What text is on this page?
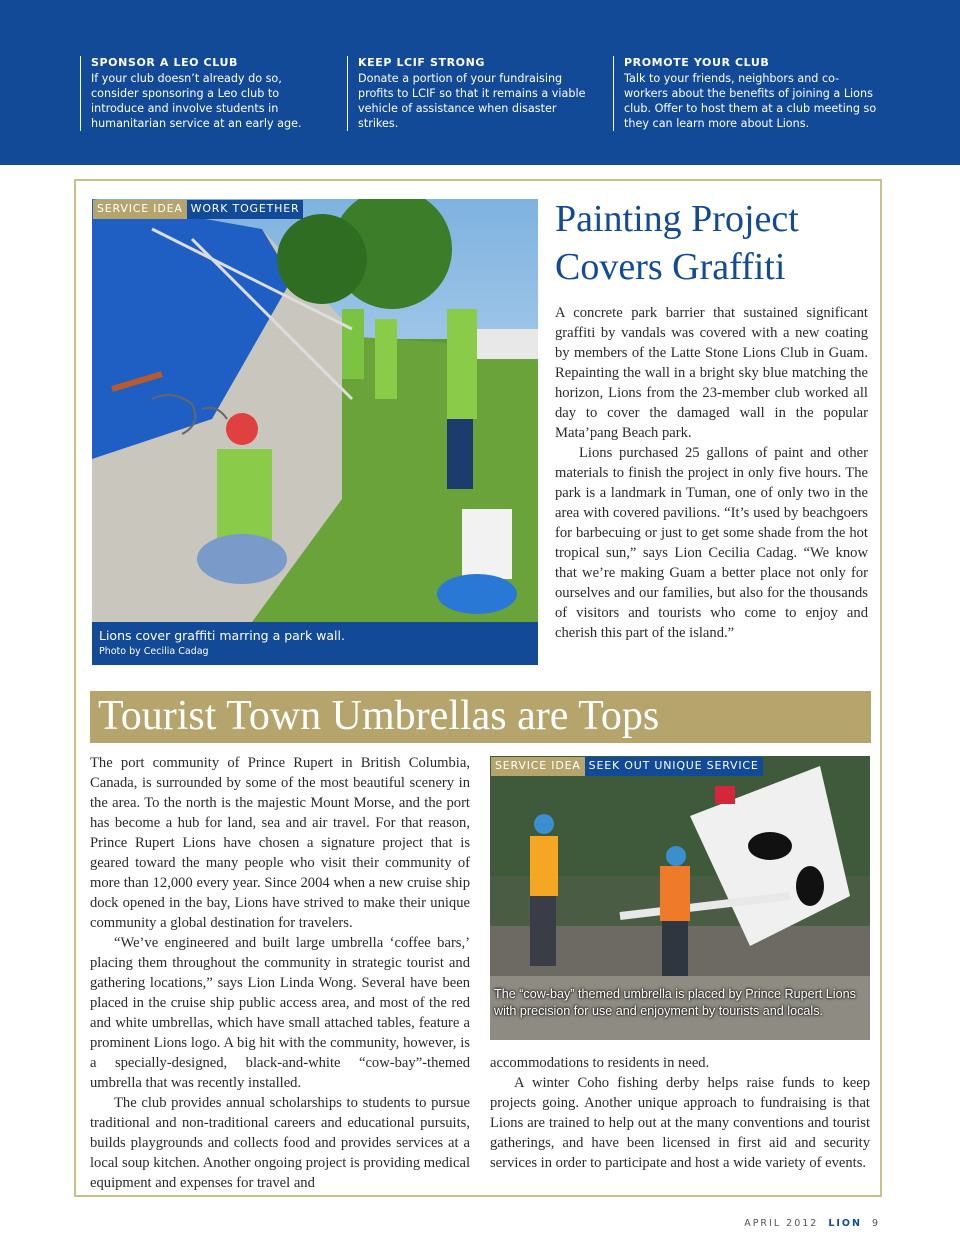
SPONSOR A LEO CLUB
If your club doesn’t already do so, consider sponsoring a Leo club to introduce and involve students in humanitarian service at an early age.
KEEP LCIF STRONG
Donate a portion of your fundraising profits to LCIF so that it remains a viable vehicle of assistance when disaster strikes.
PROMOTE YOUR CLUB
Talk to your friends, neighbors and co-workers about the benefits of joining a Lions club. Offer to host them at a club meeting so they can learn more about Lions.
SERVICE IDEA WORK TOGETHER
Lions cover graffiti marring a park wall.
Photo by Cecilia Cadag
Painting Project Covers Graffiti

A concrete park barrier that sustained significant graffiti by vandals was covered with a new coating by members of the Latte Stone Lions Club in Guam. Repainting the wall in a bright sky blue matching the horizon, Lions from the 23-member club worked all day to cover the damaged wall in the popular Mata’pang Beach park.

Lions purchased 25 gallons of paint and other materials to finish the project in only five hours. The park is a landmark in Tuman, one of only two in the area with covered pavilions. “It’s used by beachgoers for barbecuing or just to get some shade from the hot tropical sun,” says Lion Cecilia Cadag. “We know that we’re making Guam a better place not only for ourselves and our families, but also for the thousands of visitors and tourists who come to enjoy and cherish this part of the island.”

Tourist Town Umbrellas are Tops

The port community of Prince Rupert in British Columbia, Canada, is surrounded by some of the most beautiful scenery in the area. To the north is the majestic Mount Morse, and the port has become a hub for land, sea and air travel. For that reason, Prince Rupert Lions have chosen a signature project that is geared toward the many people who visit their community of more than 12,000 every year. Since 2004 when a new cruise ship dock opened in the bay, Lions have strived to make their unique community a global destination for travelers.

“We’ve engineered and built large umbrella ‘coffee bars,’ placing them throughout the community in strategic tourist and gathering locations,” says Lion Linda Wong. Several have been placed in the cruise ship public access area, and most of the red and white umbrellas, which have small attached tables, feature a prominent Lions logo. A big hit with the community, however, is a specially-designed, black-and-white “cow-bay”-themed umbrella that was recently installed.

The club provides annual scholarships to students to pursue traditional and non-traditional careers and educational pursuits, builds playgrounds and collects food and provides services at a local soup kitchen. Another ongoing project is providing medical equipment and expenses for travel and

SERVICE IDEA SEEK OUT UNIQUE SERVICE
The “cow-bay” themed umbrella is placed by Prince Rupert Lions with precision for use and enjoyment by tourists and locals.

accommodations to residents in need.

A winter Coho fishing derby helps raise funds to keep projects going. Another unique approach to fundraising is that Lions are trained to help out at the many conventions and tourist gatherings, and have been licensed in first aid and security services in order to participate and host a wide variety of events.

APRIL 2012 LION 9
